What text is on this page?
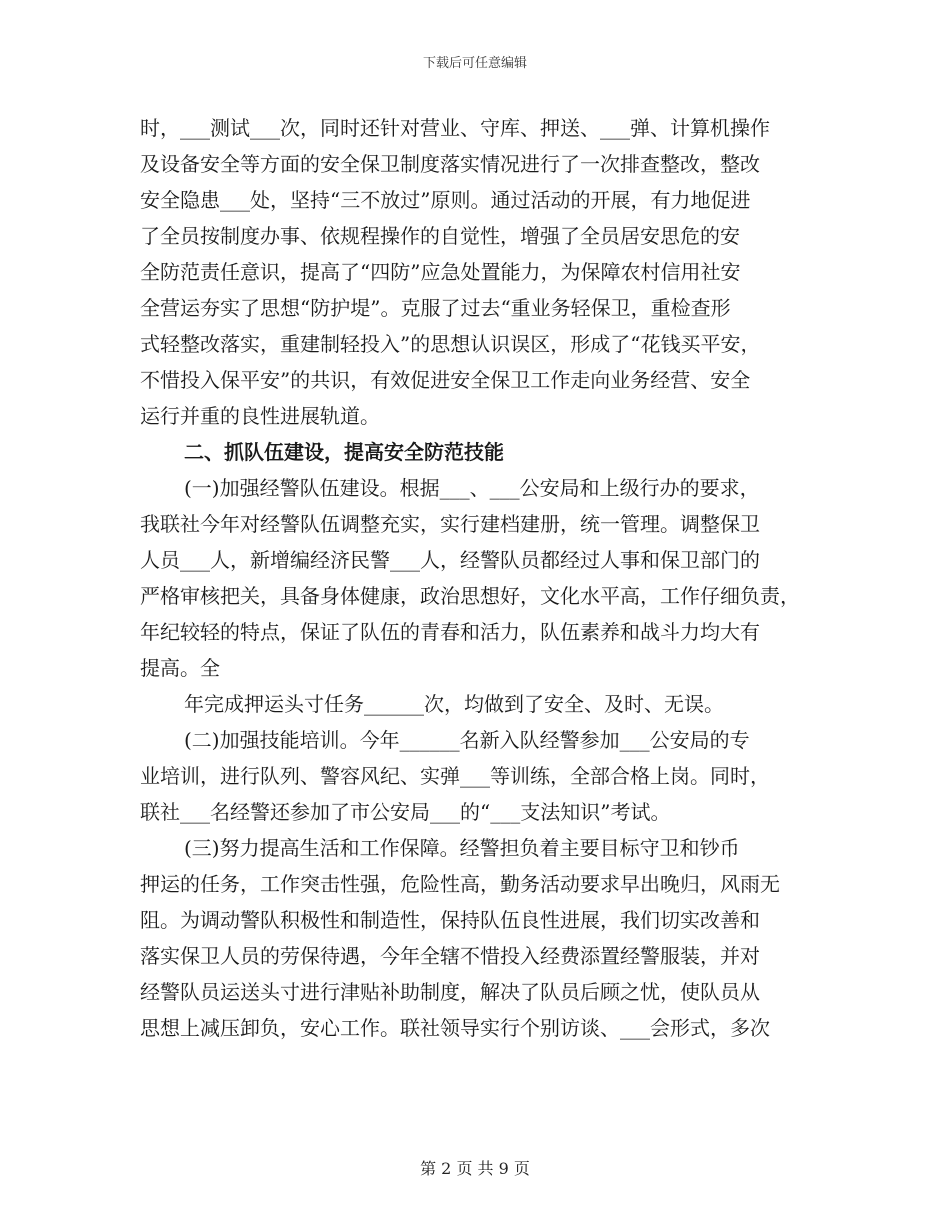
下载后可任意编辑
时，___测试___次，同时还针对营业、守库、押送、___弹、计算机操作
及设备安全等方面的安全保卫制度落实情况进行了一次排查整改，整改
安全隐患___处，坚持“三不放过”原则。通过活动的开展，有力地促进
了全员按制度办事、依规程操作的自觉性，增强了全员居安思危的安
全防范责任意识，提高了“四防”应急处置能力，为保障农村信用社安
全营运夯实了思想“防护堤”。克服了过去“重业务轻保卫，重检查形
式轻整改落实，重建制轻投入”的思想认识误区，形成了“花钱买平安，
不惜投入保平安”的共识，有效促进安全保卫工作走向业务经营、安全
运行并重的良性进展轨道。
二、抓队伍建设，提高安全防范技能
(一)加强经警队伍建设。根据___、___公安局和上级行办的要求，
我联社今年对经警队伍调整充实，实行建档建册，统一管理。调整保卫
人员___人，新增编经济民警___人，经警队员都经过人事和保卫部门的
严格审核把关，具备身体健康，政治思想好，文化水平高，工作仔细负责，
年纪较轻的特点，保证了队伍的青春和活力，队伍素养和战斗力均大有
提高。全
年完成押运头寸任务______次，均做到了安全、及时、无误。
(二)加强技能培训。今年______名新入队经警参加___公安局的专
业培训，进行队列、警容风纪、实弹___等训练，全部合格上岗。同时，
联社___名经警还参加了市公安局___的“___支法知识”考试。
(三)努力提高生活和工作保障。经警担负着主要目标守卫和钞币
押运的任务，工作突击性强，危险性高，勤务活动要求早出晚归，风雨无
阻。为调动警队积极性和制造性，保持队伍良性进展，我们切实改善和
落实保卫人员的劳保待遇，今年全辖不惜投入经费添置经警服装，并对
经警队员运送头寸进行津贴补助制度，解决了队员后顾之忧，使队员从
思想上减压卸负，安心工作。联社领导实行个别访谈、___会形式，多次
第 2 页 共 9 页
